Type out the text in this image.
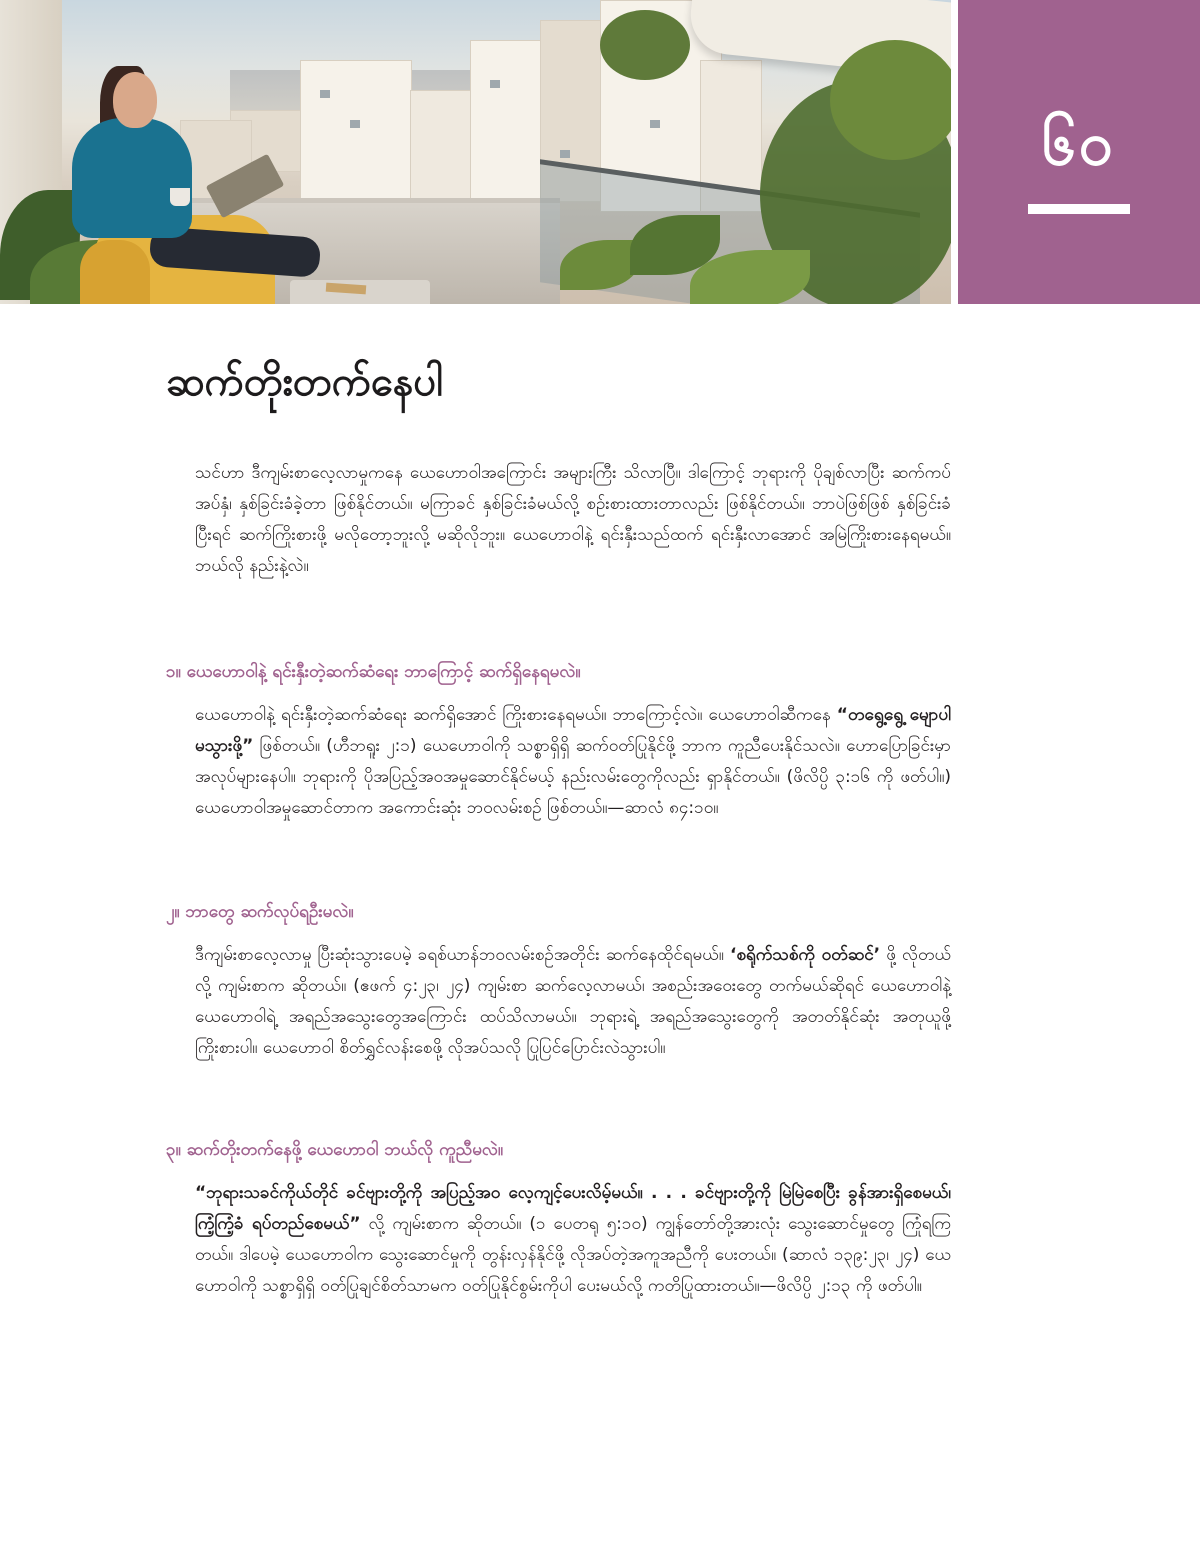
၆၀
ဆက်တိုးတက်နေပါ

သင်ဟာ ဒီကျမ်းစာလေ့လာမှုကနေ ယေဟောဝါအကြောင်း အများကြီး သိလာပြီ။ ဒါကြောင့် ဘုရားကို ပိုချစ်လာပြီး ဆက်ကပ်အပ်နှံ၊ နှစ်ခြင်းခံခဲ့တာ ဖြစ်နိုင်တယ်။ မကြာခင် နှစ်ခြင်းခံမယ်လို့ စဉ်းစားထားတာလည်း ဖြစ်နိုင်တယ်။ ဘာပဲဖြစ်ဖြစ် နှစ်ခြင်းခံပြီးရင် ဆက်ကြိုးစားဖို့ မလိုတော့ဘူးလို့ မဆိုလိုဘူး။ ယေဟောဝါနဲ့ ရင်းနှီးသည်ထက် ရင်းနှီးလာအောင် အမြဲကြိုးစားနေရမယ်။ ဘယ်လို နည်းနဲ့လဲ။

၁။ ယေဟောဝါနဲ့ ရင်းနှီးတဲ့ဆက်ဆံရေး ဘာကြောင့် ဆက်ရှိနေရမလဲ။

ယေဟောဝါနဲ့ ရင်းနှီးတဲ့ဆက်ဆံရေး ဆက်ရှိအောင် ကြိုးစားနေရမယ်။ ဘာကြောင့်လဲ။ ယေဟောဝါဆီကနေ “တရွေ့ရွေ့ မျောပါမသွားဖို့” ဖြစ်တယ်။ (ဟီဘရူး ၂:၁) ယေဟောဝါကို သစ္စာရှိရှိ ဆက်ဝတ်ပြုနိုင်ဖို့ ဘာက ကူညီပေးနိုင်သလဲ။ ဟောပြောခြင်းမှာ အလုပ်များနေပါ။ ဘုရားကို ပိုအပြည့်အဝအမှုဆောင်နိုင်မယ့် နည်းလမ်းတွေကိုလည်း ရှာနိုင်တယ်။ (ဖိလိပ္ပိ ၃:၁၆ ကို ဖတ်ပါ။) ယေဟောဝါအမှုဆောင်တာက အကောင်းဆုံး ဘဝလမ်းစဉ် ဖြစ်တယ်။—ဆာလံ ၈၄:၁၀။

၂။ ဘာတွေ ဆက်လုပ်ရဦးမလဲ။

ဒီကျမ်းစာလေ့လာမှု ပြီးဆုံးသွားပေမဲ့ ခရစ်ယာန်ဘဝလမ်းစဉ်အတိုင်း ဆက်နေထိုင်ရမယ်။ ‘စရိုက်သစ်ကို ဝတ်ဆင်’ ဖို့ လိုတယ်လို့ ကျမ်းစာက ဆိုတယ်။ (ဧဖက် ၄:၂၃၊ ၂၄) ကျမ်းစာ ဆက်လေ့လာမယ်၊ အစည်းအဝေးတွေ တက်မယ်ဆိုရင် ယေဟောဝါနဲ့ ယေဟောဝါရဲ့ အရည်အသွေးတွေအကြောင်း ထပ်သိလာမယ်။ ဘုရားရဲ့ အရည်အသွေးတွေကို အတတ်နိုင်ဆုံး အတုယူဖို့ ကြိုးစားပါ။ ယေဟောဝါ စိတ်ရွှင်လန်းစေဖို့ လိုအပ်သလို ပြုပြင်ပြောင်းလဲသွားပါ။

၃။ ဆက်တိုးတက်နေဖို့ ယေဟောဝါ ဘယ်လို ကူညီမလဲ။

“ဘုရားသခင်ကိုယ်တိုင် ခင်ဗျားတို့ကို အပြည့်အဝ လေ့ကျင့်ပေးလိမ့်မယ်။ . . . ခင်ဗျားတို့ကို မြဲမြဲစေပြီး ခွန်အားရှိစေမယ်၊ ကြံ့ကြံ့ခံ ရပ်တည်စေမယ်” လို့ ကျမ်းစာက ဆိုတယ်။ (၁ ပေတရု ၅:၁၀) ကျွန်တော်တို့အားလုံး သွေးဆောင်မှုတွေ ကြုံရကြတယ်။ ဒါပေမဲ့ ယေဟောဝါက သွေးဆောင်မှုကို တွန်းလှန်နိုင်ဖို့ လိုအပ်တဲ့အကူအညီကို ပေးတယ်။ (ဆာလံ ၁၃၉:၂၃၊ ၂၄) ယေဟောဝါကို သစ္စာရှိရှိ ဝတ်ပြုချင်စိတ်သာမက ဝတ်ပြုနိုင်စွမ်းကိုပါ ပေးမယ်လို့ ကတိပြုထားတယ်။—ဖိလိပ္ပိ ၂:၁၃ ကို ဖတ်ပါ။
